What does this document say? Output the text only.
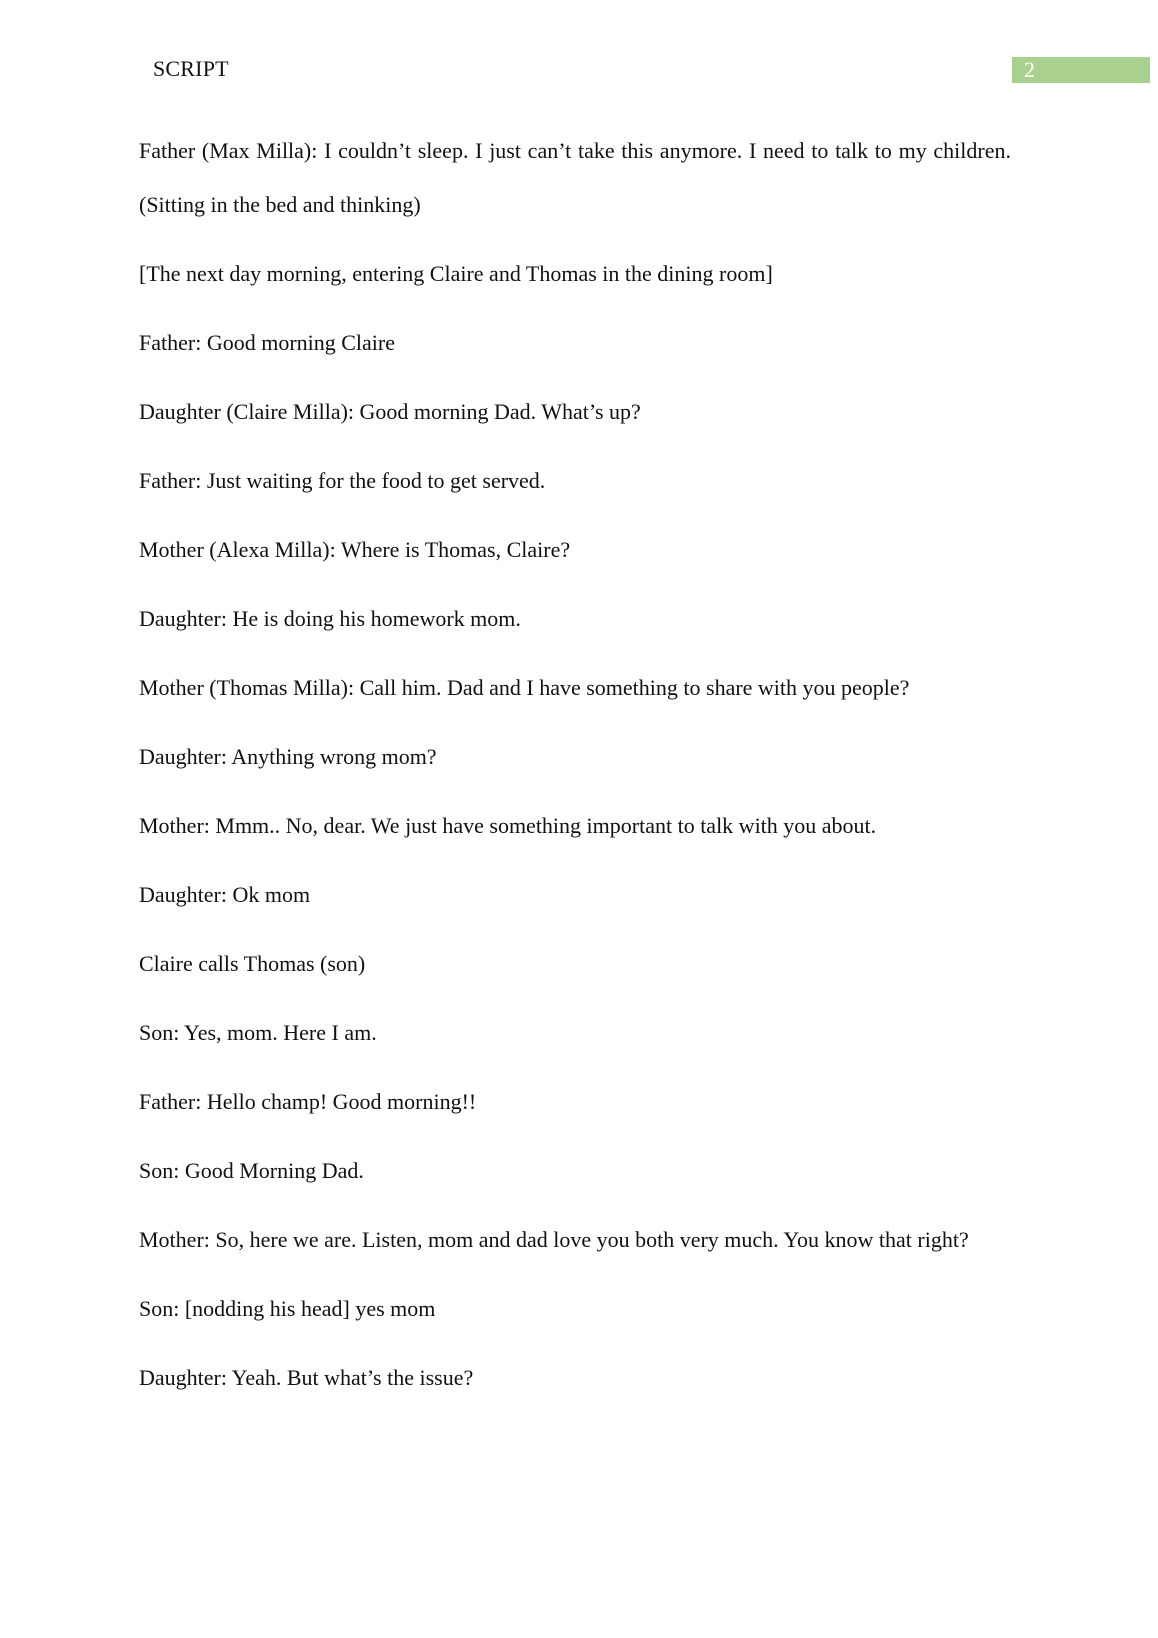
SCRIPT	2

Father (Max Milla): I couldn’t sleep. I just can’t take this anymore. I need to talk to my children. (Sitting in the bed and thinking)

[The next day morning, entering Claire and Thomas in the dining room]

Father: Good morning Claire

Daughter (Claire Milla): Good morning Dad. What’s up?

Father: Just waiting for the food to get served.

Mother (Alexa Milla): Where is Thomas, Claire?

Daughter: He is doing his homework mom.

Mother (Thomas Milla): Call him. Dad and I have something to share with you people?

Daughter: Anything wrong mom?

Mother: Mmm.. No, dear. We just have something important to talk with you about.

Daughter: Ok mom

Claire calls Thomas (son)

Son: Yes, mom. Here I am.

Father: Hello champ! Good morning!!

Son: Good Morning Dad.

Mother: So, here we are. Listen, mom and dad love you both very much. You know that right?

Son: [nodding his head] yes mom

Daughter: Yeah. But what’s the issue?
